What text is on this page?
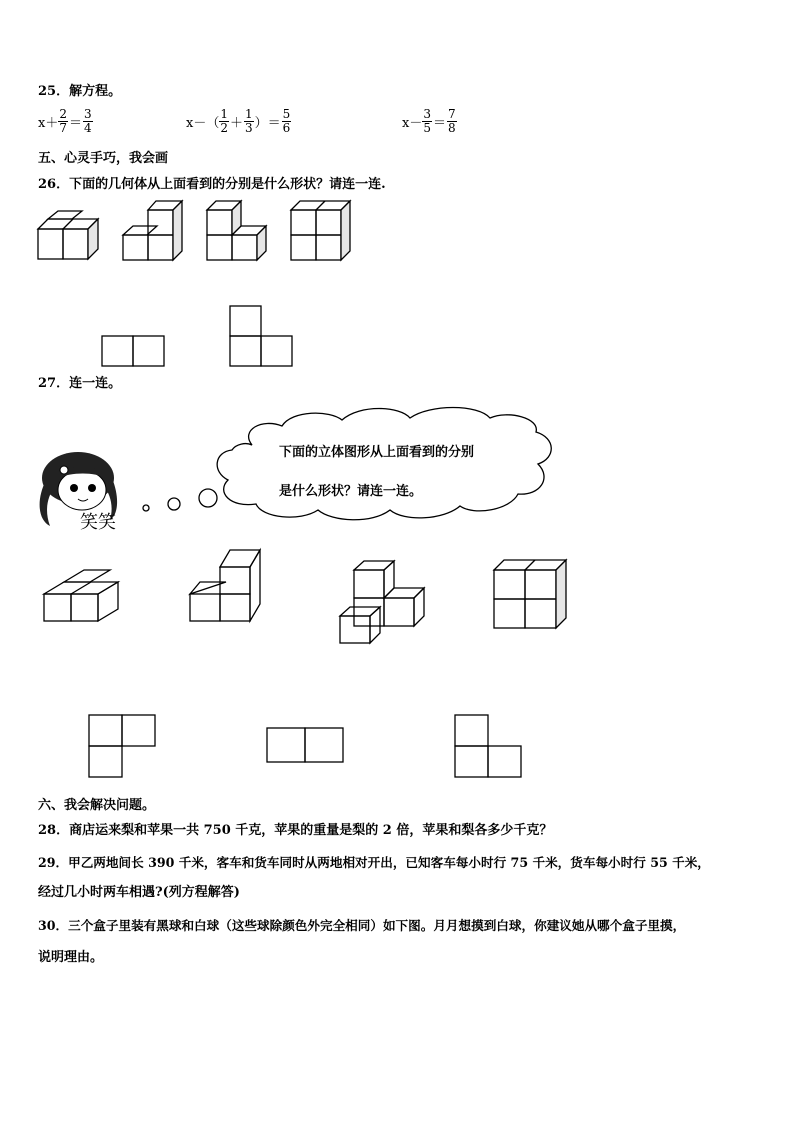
25．解方程。
$x+ \frac{2}{7} = \frac{3}{4}$	$x-( \frac{1}{2} + \frac{1}{3}$ ）＝ $\frac{5}{6}$	$x- \frac{3}{5} = \frac{7}{8}$
五、心灵手巧，我会画
26．下面的几何体从上面看到的分别是什么形状？请连一连.
27．连一连。
下面的立体图形从上面看到的分别
是什么形状？请连一连。
笑笑
六、我会解决问题。
28．商店运来梨和苹果一共 750 千克，苹果的重量是梨的 2 倍，苹果和梨各多少千克？
29．甲乙两地间长 390 千米，客车和货车同时从两地相对开出，已知客车每小时行 75 千米，货车每小时行 55 千米，
经过几小时两车相遇?(列方程解答)
30．三个盒子里装有黑球和白球（这些球除颜色外完全相同）如下图。月月想摸到白球，你建议她从哪个盒子里摸，
说明理由。
